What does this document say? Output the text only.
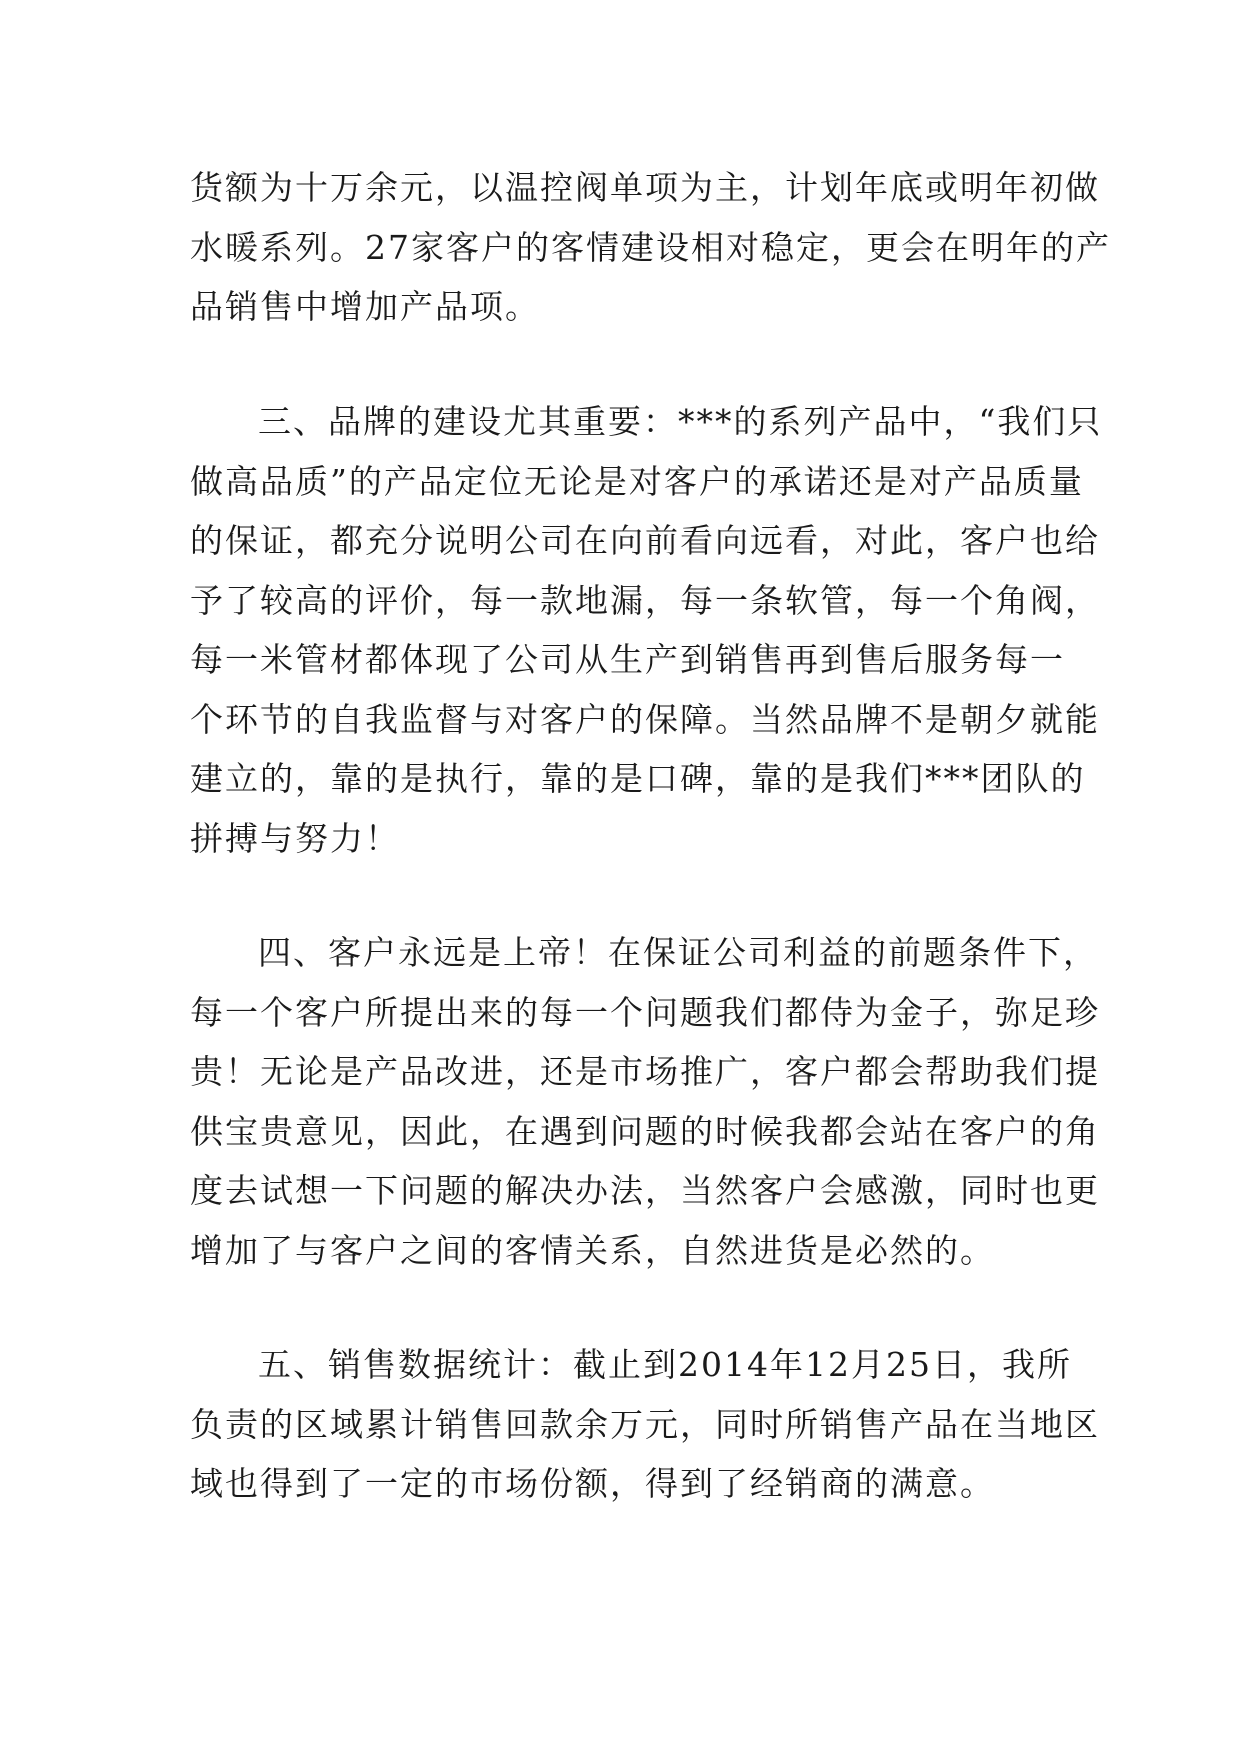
货额为十万余元，以温控阀单项为主，计划年底或明年初做
水暖系列。27家客户的客情建设相对稳定，更会在明年的产
品销售中增加产品项。
三、品牌的建设尤其重要：***的系列产品中，“我们只
做高品质”的产品定位无论是对客户的承诺还是对产品质量
的保证，都充分说明公司在向前看向远看，对此，客户也给
予了较高的评价，每一款地漏，每一条软管，每一个角阀，
每一米管材都体现了公司从生产到销售再到售后服务每一
个环节的自我监督与对客户的保障。当然品牌不是朝夕就能
建立的，靠的是执行，靠的是口碑，靠的是我们***团队的
拼搏与努力！
四、客户永远是上帝！在保证公司利益的前题条件下，
每一个客户所提出来的每一个问题我们都侍为金子，弥足珍
贵！无论是产品改进，还是市场推广，客户都会帮助我们提
供宝贵意见，因此，在遇到问题的时候我都会站在客户的角
度去试想一下问题的解决办法，当然客户会感激，同时也更
增加了与客户之间的客情关系，自然进货是必然的。
五、销售数据统计：截止到2014年12月25日，我所
负责的区域累计销售回款余万元，同时所销售产品在当地区
域也得到了一定的市场份额，得到了经销商的满意。
